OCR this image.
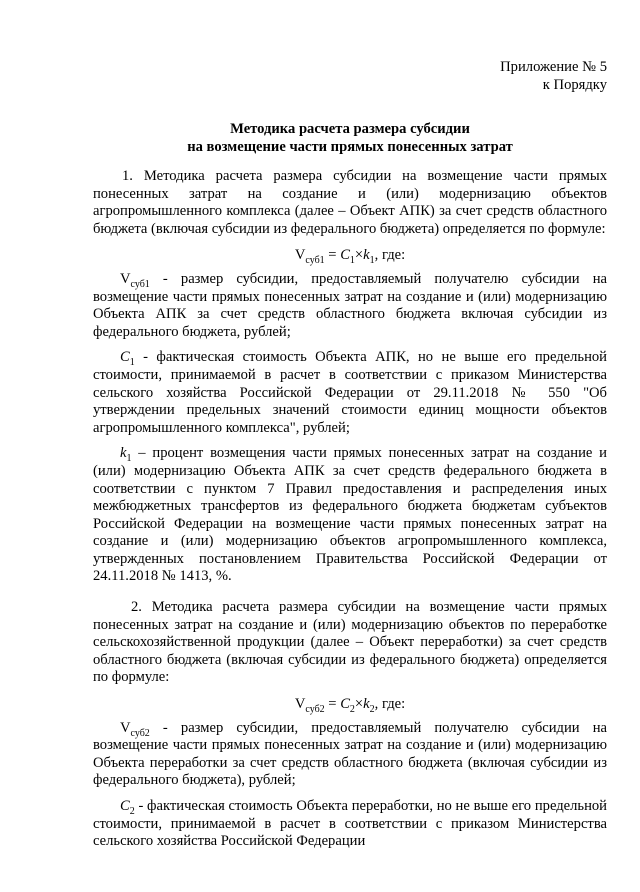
Приложение № 5
к Порядку
Методика расчета размера субсидии
на возмещение части прямых понесенных затрат

1. Методика расчета размера субсидии на возмещение части прямых понесенных затрат на создание и (или) модернизацию объектов агропромышленного комплекса (далее – Объект АПК) за счет средств областного бюджета (включая субсидии из федерального бюджета) определяется по формуле:

$V_{суб1} = C_1\times k_1$, где:

$V_{суб1}$ - размер субсидии, предоставляемый получателю субсидии на возмещение части прямых понесенных затрат на создание и (или) модернизацию Объекта АПК за счет средств областного бюджета включая субсидии из федерального бюджета, рублей;

$C_1$ - фактическая стоимость Объекта АПК, но не выше его предельной стоимости, принимаемой в расчет в соответствии с приказом Министерства сельского хозяйства Российской Федерации от 29.11.2018 № 550 "Об утверждении предельных значений стоимости единиц мощности объектов агропромышленного комплекса", рублей;

$k_1$ – процент возмещения части прямых понесенных затрат на создание и (или) модернизацию Объекта АПК за счет средств федерального бюджета в соответствии с пунктом 7 Правил предоставления и распределения иных межбюджетных трансфертов из федерального бюджета бюджетам субъектов Российской Федерации на возмещение части прямых понесенных затрат на создание и (или) модернизацию объектов агропромышленного комплекса, утвержденных постановлением Правительства Российской Федерации от 24.11.2018 № 1413, %.

2. Методика расчета размера субсидии на возмещение части прямых понесенных затрат на создание и (или) модернизацию объектов по переработке сельскохозяйственной продукции (далее – Объект переработки) за счет средств областного бюджета (включая субсидии из федерального бюджета) определяется по формуле:

$V_{суб2} = C_2\times k_2$, где:

$V_{суб2}$ - размер субсидии, предоставляемый получателю субсидии на возмещение части прямых понесенных затрат на создание и (или) модернизацию Объекта переработки за счет средств областного бюджета (включая субсидии из федерального бюджета), рублей;

$C_2$ - фактическая стоимость Объекта переработки, но не выше его предельной стоимости, принимаемой в расчет в соответствии с приказом Министерства сельского хозяйства Российской Федерации
